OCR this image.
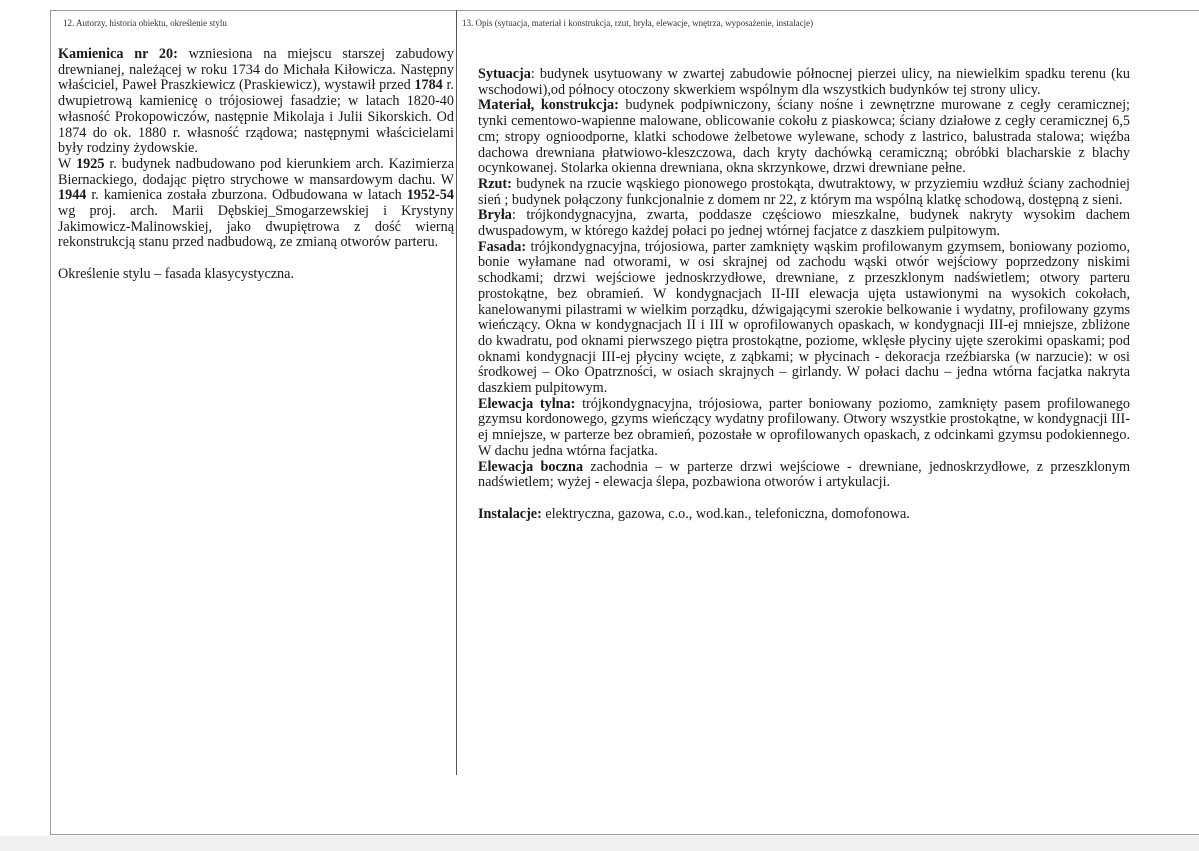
12. Autorzy, historia obiektu, określenie stylu	13. Opis (sytuacja, materiał i konstrukcja, rzut, bryła, elewacje, wnętrza, wyposażenie, instalacje)

Kamienica nr 20: wzniesiona na miejscu starszej zabudowy drewnianej, należącej w roku 1734 do Michała Kiłowicza. Następny właściciel, Paweł Praszkiewicz (Praskiewicz), wystawił przed 1784 r. dwupietrową kamienicę o trójosiowej fasadzie; w latach 1820-40 własność Prokopowiczów, następnie Mikolaja i Julii Sikorskich. Od 1874 do ok. 1880 r. własność rządowa; następnymi właścicielami były rodziny żydowskie.

W 1925 r. budynek nadbudowano pod kierunkiem arch. Kazimierza Biernackiego, dodając piętro strychowe w mansardowym dachu. W 1944 r. kamienica została zburzona. Odbudowana w latach 1952-54 wg proj. arch. Marii Dębskiej_Smogarzewskiej i Krystyny Jakimowicz-Malinowskiej, jako dwupiętrowa z dość wierną rekonstrukcją stanu przed nadbudową, ze zmianą otworów parteru.

Określenie stylu – fasada klasycystyczna.

Sytuacja: budynek usytuowany w zwartej zabudowie północnej pierzei ulicy, na niewielkim spadku terenu (ku wschodowi),od północy otoczony skwerkiem wspólnym dla wszystkich budynków tej strony ulicy.

Materiał, konstrukcja: budynek podpiwniczony, ściany nośne i zewnętrzne murowane z cegły ceramicznej; tynki cementowo-wapienne malowane, oblicowanie cokołu z piaskowca; ściany działowe z cegły ceramicznej 6,5 cm; stropy ognioodporne, klatki schodowe żelbetowe wylewane, schody z lastrico, balustrada stalowa; więźba dachowa drewniana płatwiowo-kleszczowa, dach kryty dachówką ceramiczną; obróbki blacharskie z blachy ocynkowanej. Stolarka okienna drewniana, okna skrzynkowe, drzwi drewniane pełne.

Rzut: budynek na rzucie wąskiego pionowego prostokąta, dwutraktowy, w przyziemiu wzdłuż ściany zachodniej sień ; budynek połączony funkcjonalnie z domem nr 22, z którym ma wspólną klatkę schodową, dostępną z sieni.

Bryła: trójkondygnacyjna, zwarta, poddasze częściowo mieszkalne, budynek nakryty wysokim dachem dwuspadowym, w którego każdej połaci po jednej wtórnej facjatce z daszkiem pulpitowym.

Fasada: trójkondygnacyjna, trójosiowa, parter zamknięty wąskim profilowanym gzymsem, boniowany poziomo, bonie wyłamane nad otworami, w osi skrajnej od zachodu wąski otwór wejściowy poprzedzony niskimi schodkami; drzwi wejściowe jednoskrzydłowe, drewniane, z przeszklonym nadświetlem; otwory parteru prostokątne, bez obramień. W kondygnacjach II-III elewacja ujęta ustawionymi na wysokich cokołach, kanelowanymi pilastrami w wielkim porządku, dźwigającymi szerokie belkowanie i wydatny, profilowany gzyms wieńczący. Okna w kondygnacjach II i III w oprofilowanych opaskach, w kondygnacji III-ej mniejsze, zbliżone do kwadratu, pod oknami pierwszego piętra prostokątne, poziome, wklęsłe płyciny ujęte szerokimi opaskami; pod oknami kondygnacji III-ej płyciny wcięte, z ząbkami; w płycinach - dekoracja rzeźbiarska (w narzucie): w osi środkowej – Oko Opatrzności, w osiach skrajnych – girlandy. W połaci dachu – jedna wtórna facjatka nakryta daszkiem pulpitowym.

Elewacja tylna: trójkondygnacyjna, trójosiowa, parter boniowany poziomo, zamknięty pasem profilowanego gzymsu kordonowego, gzyms wieńczący wydatny profilowany. Otwory wszystkie prostokątne, w kondygnacji III-ej mniejsze, w parterze bez obramień, pozostałe w oprofilowanych opaskach, z odcinkami gzymsu podokiennego. W dachu jedna wtórna facjatka.

Elewacja boczna zachodnia – w parterze drzwi wejściowe - drewniane, jednoskrzydłowe, z przeszklonym nadświetlem; wyżej - elewacja ślepa, pozbawiona otworów i artykulacji.

Instalacje: elektryczna, gazowa, c.o., wod.kan., telefoniczna, domofonowa.
